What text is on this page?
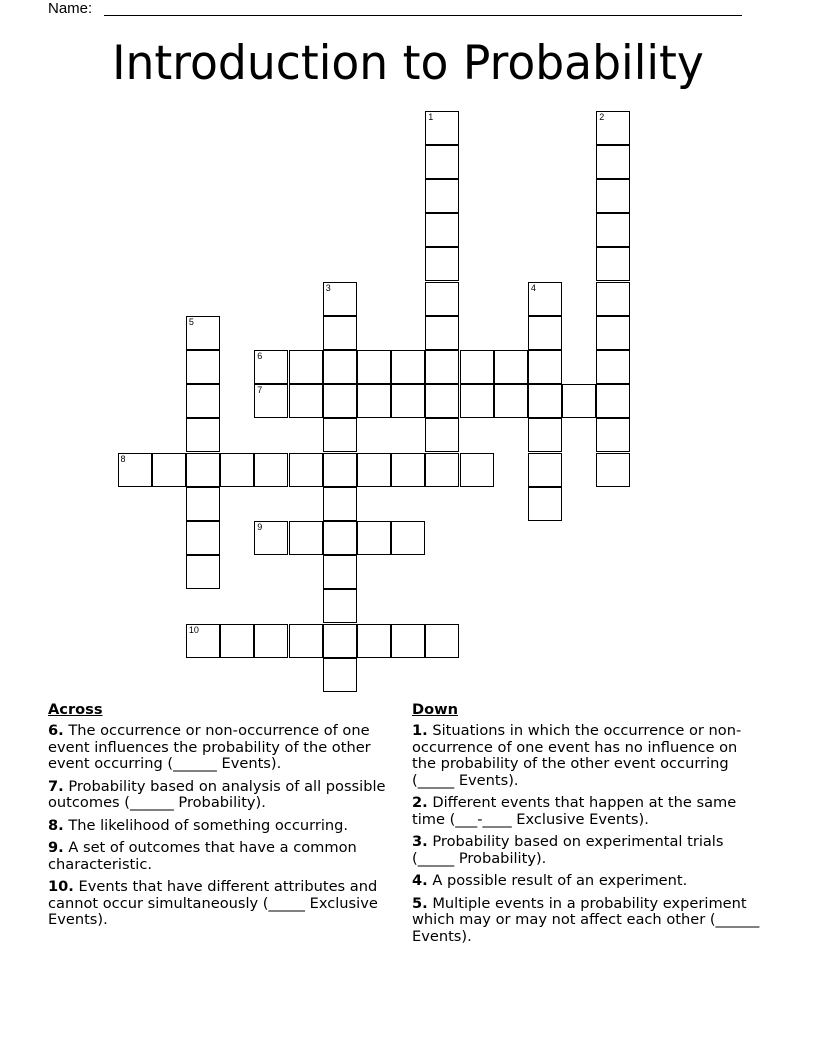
Name:
Introduction to Probability
1	2
3	4
5
6
7
8
9
10
Across
6. The occurrence or non-occurrence of one event influences the probability of the other event occurring (______ Events).
7. Probability based on analysis of all possible outcomes (______ Probability).
8. The likelihood of something occurring.
9. A set of outcomes that have a common characteristic.
10. Events that have different attributes and cannot occur simultaneously (_____ Exclusive Events).
Down
1. Situations in which the occurrence or non-occurrence of one event has no influence on the probability of the other event occurring (_____ Events).
2. Different events that happen at the same time (___-____ Exclusive Events).
3. Probability based on experimental trials (_____ Probability).
4. A possible result of an experiment.
5. Multiple events in a probability experiment which may or may not affect each other (______ Events).
